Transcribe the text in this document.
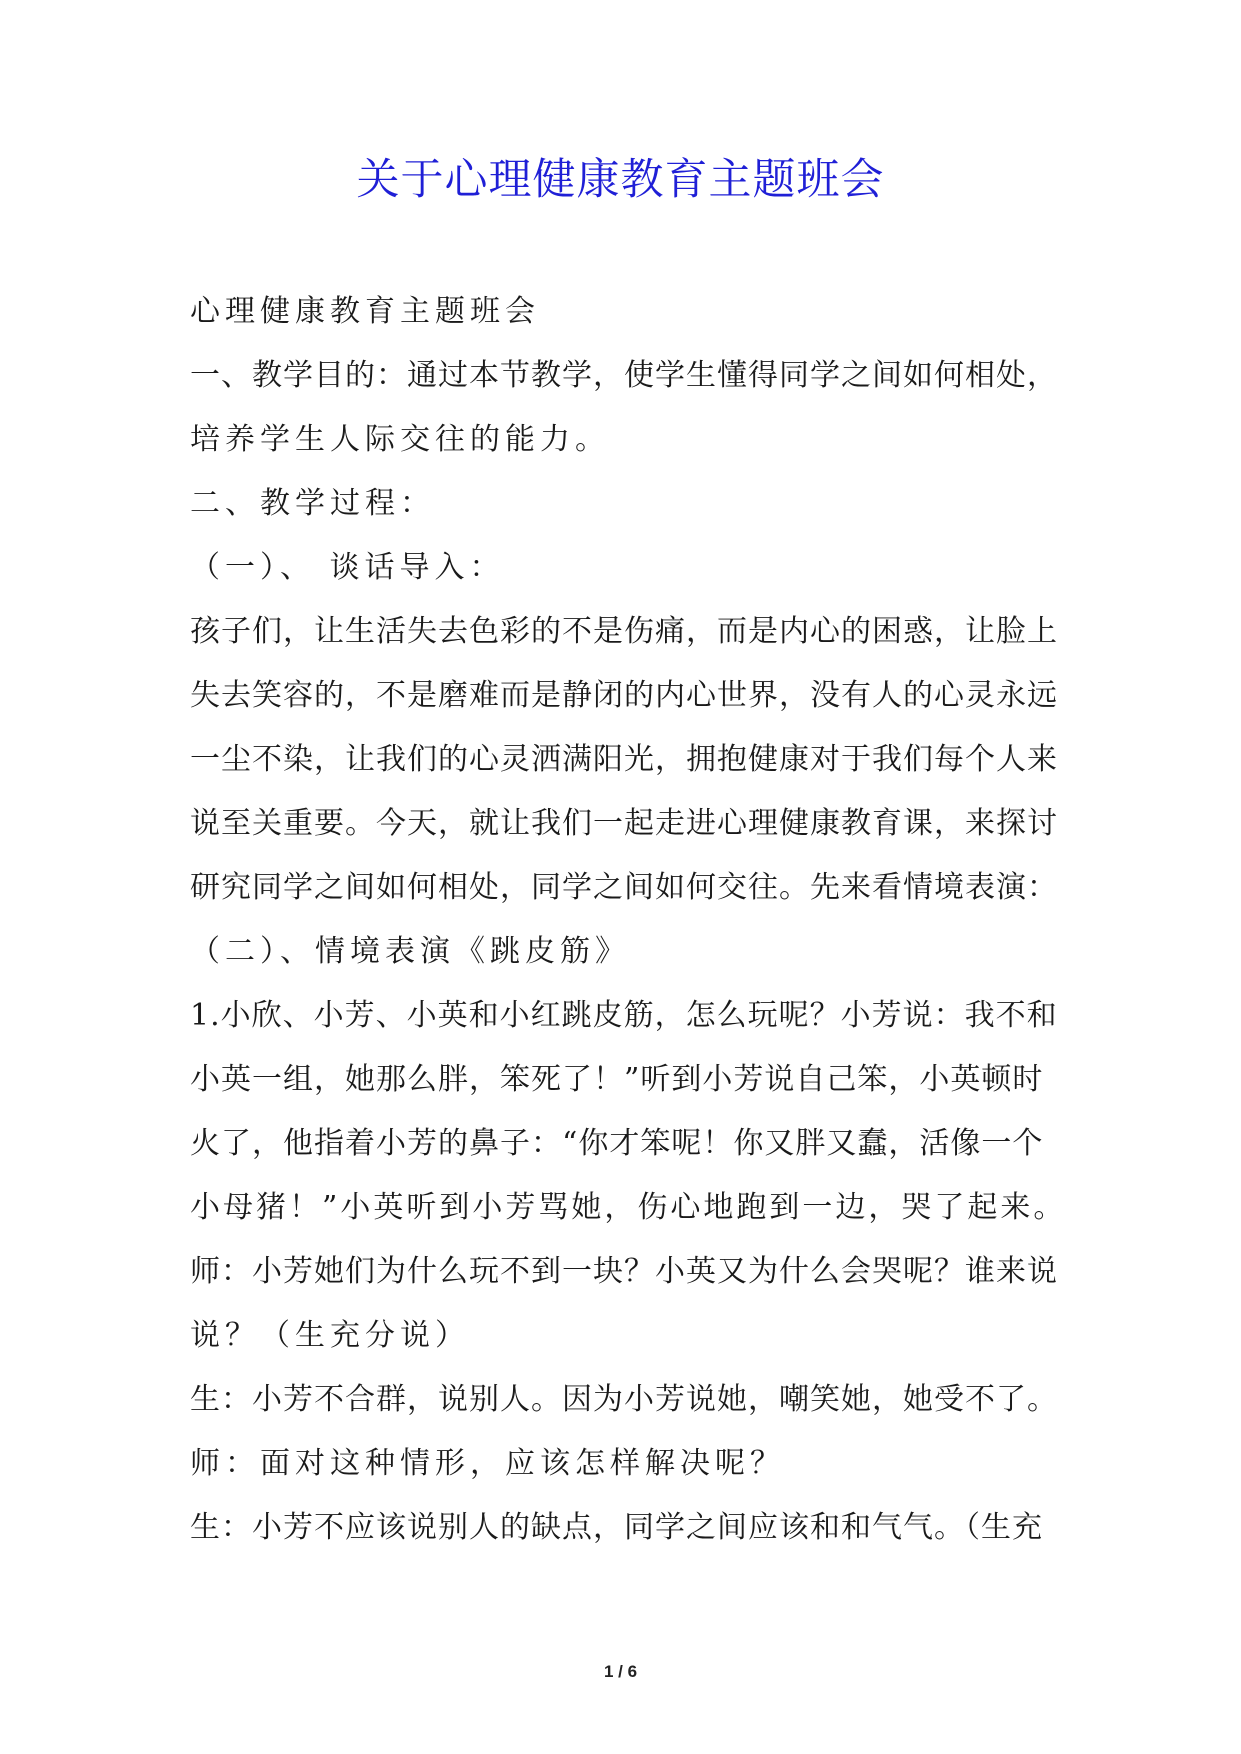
关于心理健康教育主题班会
心理健康教育主题班会
一、教学目的：通过本节教学，使学生懂得同学之间如何相处，
培养学生人际交往的能力。
二、教学过程：
（一）、 谈话导入：
孩子们，让生活失去色彩的不是伤痛，而是内心的困惑，让脸上
失去笑容的，不是磨难而是静闭的内心世界，没有人的心灵永远
一尘不染，让我们的心灵洒满阳光，拥抱健康对于我们每个人来
说至关重要。今天，就让我们一起走进心理健康教育课，来探讨
研究同学之间如何相处，同学之间如何交往。先来看情境表演：
（二）、情境表演《跳皮筋》
1.小欣、小芳、小英和小红跳皮筋，怎么玩呢？小芳说：我不和
小英一组，她那么胖，笨死了！”听到小芳说自己笨，小英顿时
火了，他指着小芳的鼻子：“你才笨呢！你又胖又蠢，活像一个
小母猪！”小英听到小芳骂她，伤心地跑到一边，哭了起来。
师：小芳她们为什么玩不到一块？小英又为什么会哭呢？谁来说
说？（生充分说）
生：小芳不合群，说别人。因为小芳说她，嘲笑她，她受不了。
师：面对这种情形，应该怎样解决呢？
生：小芳不应该说别人的缺点，同学之间应该和和气气。（生充
1 / 6
